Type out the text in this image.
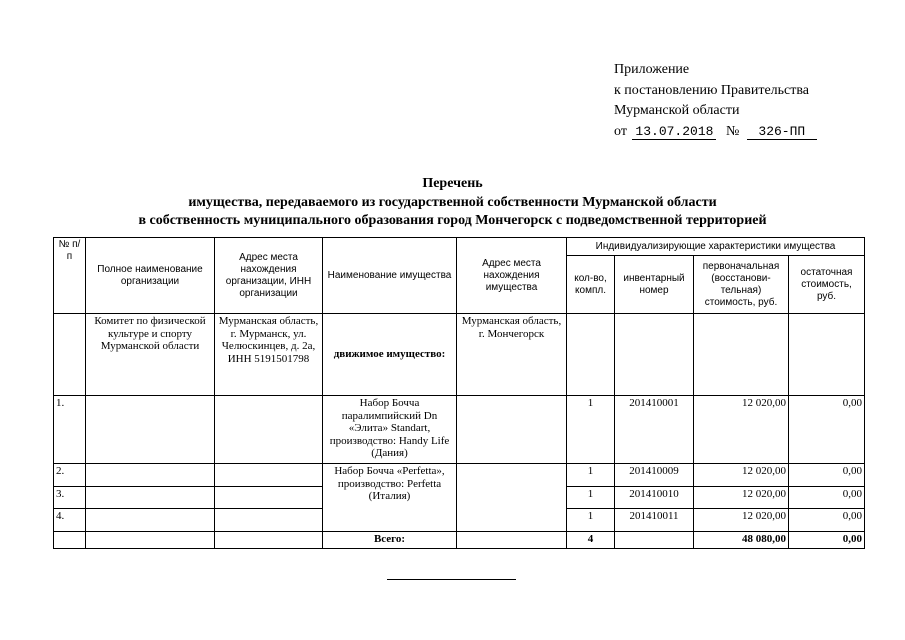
Приложение
к постановлению Правительства
Мурманской области
от 13.07.2018 № 326-ПП
Перечень
имущества, передаваемого из государственной собственности Мурманской области
в собственность муниципального образования город Мончегорск с подведомственной территорией
№ п/п	Полное наименование организации	Адрес места нахождения организации, ИНН организации	Наименование имущества	Адрес места нахождения имущества	Индивидуализирующие характеристики имущества			
					кол-во, компл.	инвентарный номер	первоначальная (восстанови-тельная) стоимость, руб.	остаточная стоимость, руб.
	Комитет по физической культуре и спорту Мурманской области	Мурманская область, г. Мурманск, ул. Челюскинцев, д. 2а, ИНН 5191501798	движимое имущество:	Мурманская область, г. Мончегорск				
1.			Набор Бочча паралимпийский Dn «Элита» Standart, производство: Handy Life (Дания)		1	201410001	12 020,00	0,00
2.			Набор Бочча «Perfetta», производство: Perfetta (Италия)		1	201410009	12 020,00	0,00
3.					1	201410010	12 020,00	0,00
4.					1	201410011	12 020,00	0,00
			Всего:		4		48 080,00	0,00
